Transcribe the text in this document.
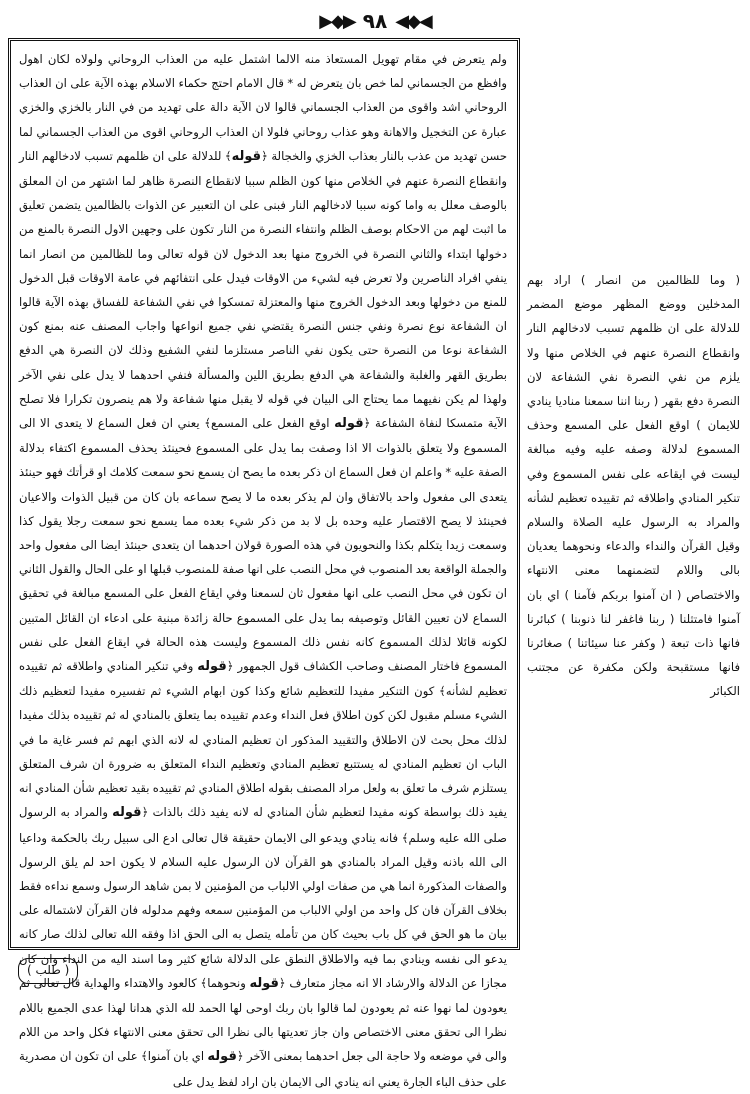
▶◆▶ ٩٨ ◀◆◀

ولم يتعرض في مقام تهويل المستعاذ منه الالما اشتمل عليه من العذاب الروحاني ولولاه لكان اهول وافظع من الجسماني لما خص بان يتعرض له * قال الامام احتج حكماء الاسلام بهذه الآية على ان العذاب الروحاني اشد واقوى من العذاب الجسماني قالوا لان الآية دالة على تهديد من في النار بالخزي والخزي عبارة عن التخجيل والاهانة وهو عذاب روحاني فلولا ان العذاب الروحاني اقوى من العذاب الجسماني لما حسن تهديد من عذب بالنار بعذاب الخزي والخجالة ﴿قوله﴾ للدلالة على ان ظلمهم تسبب لادخالهم النار وانقطاع النصرة عنهم في الخلاص منها كون الظلم سببا لانقطاع النصرة ظاهر لما اشتهر من ان المعلق بالوصف معلل به واما كونه سببا لادخالهم النار فبنى على ان التعبير عن الذوات بالظالمين يتضمن تعليق ما اثبت لهم من الاحكام بوصف الظلم وانتفاء النصرة من النار تكون على وجهين الاول النصرة بالمنع من دخولها ابتداء والثاني النصرة في الخروج منها بعد الدخول لان قوله تعالى وما للظالمين من انصار انما ينفي افراد الناصرين ولا تعرض فيه لشيء من الاوقات فيدل على انتفائهم في عامة الاوقات قبل الدخول للمنع من دخولها وبعد الدخول الخروج منها والمعتزلة تمسكوا في نفي الشفاعة للفساق بهذه الآية قالوا ان الشفاعة نوع نصرة ونفي جنس النصرة يقتضي نفي جميع انواعها واجاب المصنف عنه بمنع كون الشفاعة نوعا من النصرة حتى يكون نفي الناصر مستلزما لنفي الشفيع وذلك لان النصرة هي الدفع بطريق القهر والغلبة والشفاعة هي الدفع بطريق اللين والمسألة فنفي احدهما لا يدل على نفي الآخر ولهذا لم يكن نفيهما مما يحتاج الى البيان في قوله لا يقبل منها شفاعة ولا هم ينصرون تكرارا فلا تصلح الآية متمسكا لنفاة الشفاعة ﴿قوله اوقع الفعل على المسمع﴾ يعني ان فعل السماع لا يتعدى الا الى المسموع ولا يتعلق بالذوات الا اذا وصفت بما يدل على المسموع فحينئذ يحذف المسموع اكتفاء بدلالة الصفة عليه * واعلم ان فعل السماع ان ذكر بعده ما يصح ان يسمع نحو سمعت كلامك او قرأتك فهو حينئذ يتعدى الى مفعول واحد بالاتفاق وان لم يذكر بعده ما لا يصح سماعه بان كان من قبيل الذوات والاعيان فحينئذ لا يصح الاقتصار عليه وحده بل لا بد من ذكر شيء بعده مما يسمع نحو سمعت رجلا يقول كذا وسمعت زيدا يتكلم بكذا والنحويون في هذه الصورة قولان احدهما ان يتعدى حينئذ ايضا الى مفعول واحد والجملة الواقعة بعد المنصوب في محل النصب على انها صفة للمنصوب قبلها او على الحال والقول الثاني ان تكون في محل النصب على انها مفعول ثان لسمعنا وفي ايقاع الفعل على المسمع مبالغة في تحقيق السماع لان تعيين القائل وتوصيفه بما يدل على المسموع حالة زائدة مبنية على ادعاء ان القائل المتبين لكونه قائلا لذلك المسموع كانه نفس ذلك المسموع وليست هذه الحالة في ايقاع الفعل على نفس المسموع فاختار المصنف وصاحب الكشاف قول الجمهور ﴿قوله وفي تنكير المنادي واطلاقه ثم تقييده تعظيم لشأنه﴾ كون التنكير مفيدا للتعظيم شائع وكذا كون ابهام الشيء ثم تفسيره مفيدا لتعظيم ذلك الشيء مسلم مقبول لكن كون اطلاق فعل النداء وعدم تقييده بما يتعلق بالمنادي له ثم تقييده بذلك مفيدا لذلك محل بحث لان الاطلاق والتقييد المذكور ان تعظيم المنادي له لانه الذي ابهم ثم فسر غاية ما في الباب ان تعظيم المنادي له يستتبع تعظيم المنادي وتعظيم النداء المتعلق به ضرورة ان شرف المتعلق يستلزم شرف ما تعلق به ولعل مراد المصنف بقوله اطلاق المنادي ثم تقييده بقيد تعظيم شأن المنادي انه يفيد ذلك بواسطة كونه مفيدا لتعظيم شأن المنادي له لانه يفيد ذلك بالذات ﴿قوله والمراد به الرسول صلى الله عليه وسلم﴾ فانه ينادي ويدعو الى الايمان حقيقة قال تعالى ادع الى سبيل ربك بالحكمة وداعيا الى الله باذنه وقيل المراد بالمنادي هو القرآن لان الرسول عليه السلام لا يكون احد لم يلق الرسول والصفات المذكورة انما هي من صفات اولي الالباب من المؤمنين لا بمن شاهد الرسول وسمع نداءه فقط بخلاف القرآن فان كل واحد من اولي الالباب من المؤمنين سمعه وفهم مدلوله فان القرآن لاشتماله على بيان ما هو الحق في كل باب بحيث كان من تأمله يتصل به الى الحق اذا وفقه الله تعالى لذلك صار كانه يدعو الى نفسه وينادي بما فيه والاطلاق النطق على الدلالة شائع كثير وما اسند اليه من النداء وان كان مجازا عن الدلالة والارشاد الا انه مجاز متعارف ﴿قوله ونحوهما﴾ كالعود والاهتداء والهداية قال تعالى ثم يعودون لما نهوا عنه ثم يعودون لما قالوا بان ربك اوحى لها الحمد لله الذي هدانا لهذا عدى الجميع باللام نظرا الى تحقق معنى الاختصاص وان جاز تعديتها بالى نظرا الى تحقق معنى الانتهاء فكل واحد من اللام والى في موضعه ولا حاجة الى جعل احدهما بمعنى الآخر ﴿قوله اي بان آمنوا﴾ على ان تكون ان مصدرية على حذف الباء الجارة يعني انه ينادي الى الايمان بان اراد لفظ يدل على

( وما للظالمين من انصار ) اراد بهم المدخلين ووضع المظهر موضع المضمر للدلالة على ان ظلمهم تسبب لادخالهم النار وانقطاع النصرة عنهم في الخلاص منها ولا يلزم من نفي النصرة نفي الشفاعة لان النصرة دفع بقهر ( ربنا اننا سمعنا مناديا ينادي للايمان ) اوقع الفعل على المسمع وحذف المسموع لدلالة وصفه عليه وفيه مبالغة ليست في ايقاعه على نفس المسموع وفي تنكير المنادي واطلاقه ثم تقييده تعظيم لشأنه والمراد به الرسول عليه الصلاة والسلام وقيل القرآن والنداء والدعاء ونحوهما يعديان بالى واللام لتضمنهما معنى الانتهاء والاختصاص ( ان آمنوا بربكم فآمنا ) اي بان آمنوا فامتثلنا ( ربنا فاغفر لنا ذنوبنا ) كبائرنا فانها ذات تبعة ( وكفر عنا سيئاتنا ) صغائرنا فانها مستقبحة ولكن مكفرة عن مجتنب الكبائر

( طلب )
